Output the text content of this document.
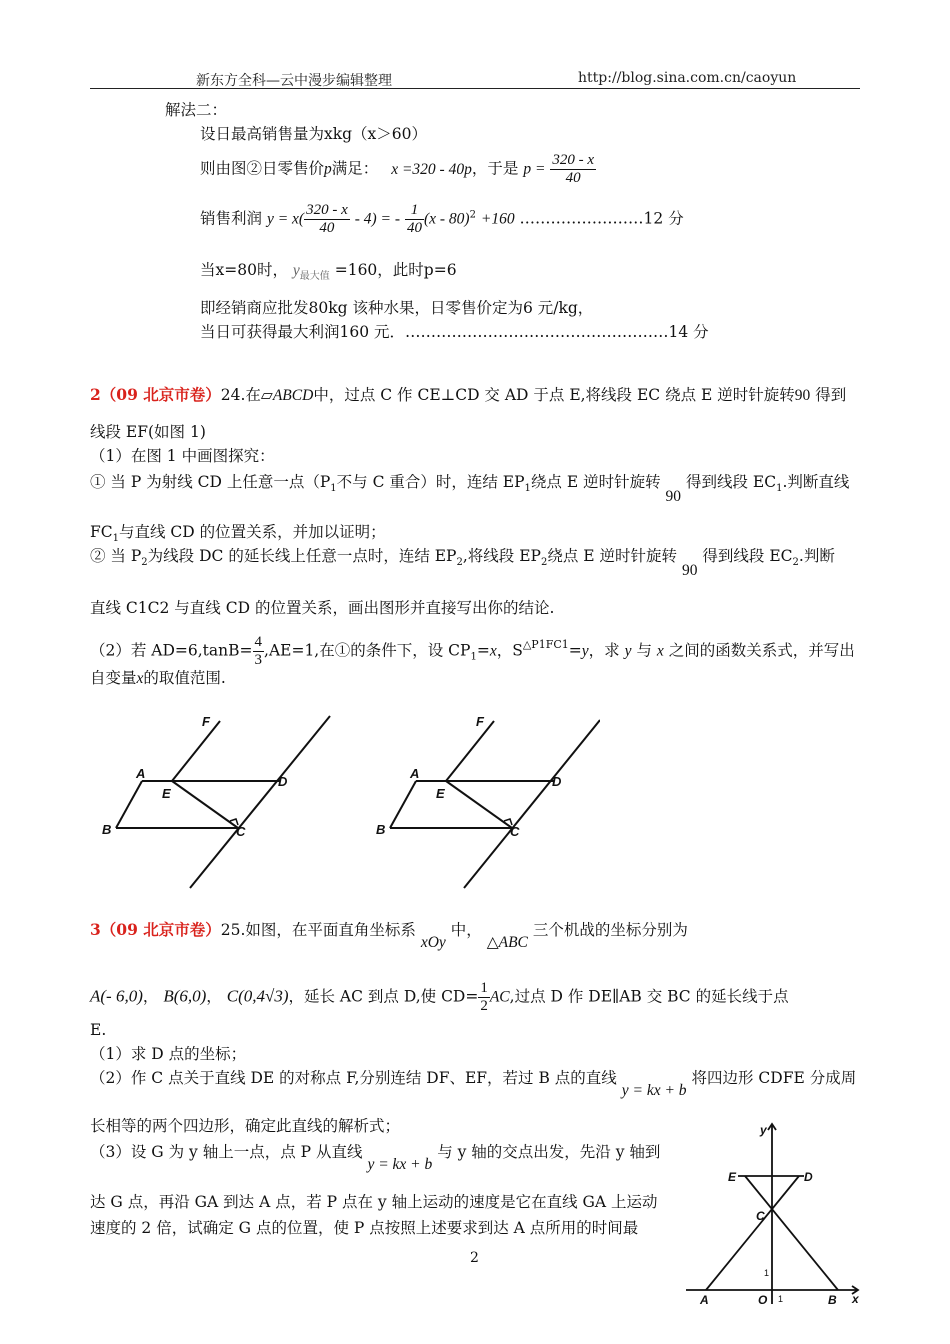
新东方全科—云中漫步编辑整理	http://blog.sina.com.cn/caoyun
解法二：
设日最高销售量为xkg（x＞60）
则由图②日零售价p满足： x =320 - 40p，于是 $p = \frac{320 - x}{40}$
销售利润 $y = x( \frac{320 - x}{40} - 4)$ = - $\frac{1}{40} (x - 80)^2 +160$ ……………………12 分
当x=80时， $y_{最大值} =160$，此时p=6
即经销商应批发80kg 该种水果，日零售价定为6 元/kg，
当日可获得最大利润160 元．……………………………………………14 分
2（09 北京市卷）24.在▱ABCD中，过点 C 作 CE⊥CD 交 AD 于点 E,将线段 EC 绕点 E 逆时针旋转90 得到
线段 EF(如图 1)
（1）在图 1 中画图探究：
① 当 P 为射线 CD 上任意一点（$P_1$不与 C 重合）时，连结 $EP_1$绕点 E 逆时针旋转 90 得到线段 $EC_1$.判断直线
$FC_1$与直线 CD 的位置关系，并加以证明；
② 当 $P_2$为线段 DC 的延长线上任意一点时，连结 $EP_2$,将线段 $EP_2$绕点 E 逆时针旋转 90 得到线段 $EC_2$.判断
直线 C1C2 与直线 CD 的位置关系，画出图形并直接写出你的结论.
（2）若 $AD=6,\tan B= \frac{4}{3} ,AE=1$,在①的条件下，设 $CP_1=x$，$S^{\triangle P1FC1}=y$，求 y 与 x 之间的函数关系式，并写出
自变量x的取值范围.
F
A
E
D
B	C
F
A
E
D
B	C
3（09 北京市卷）25.如图，在平面直角坐标系 xOy 中， △ABC 三个机战的坐标分别为
A(- 6,0)， B(6,0)， C(0,4√3)，延长 AC 到点 D,使 $CD= \frac{1}{2}$ AC,过点 D 作 DE∥AB 交 BC 的延长线于点
E.
（1）求 D 点的坐标；
（2）作 C 点关于直线 DE 的对称点 F,分别连结 DF、EF，若过 B 点的直线 y = kx + b 将四边形 CDFE 分成周
长相等的两个四边形，确定此直线的解析式；
（3）设 G 为 y 轴上一点，点 P 从直线 y = kx + b 与 y 轴的交点出发，先沿 y 轴到
达 G 点，再沿 GA 到达 A 点，若 P 点在 y 轴上运动的速度是它在直线 GA 上运动
速度的 2 倍，试确定 G 点的位置，使 P 点按照上述要求到达 A 点所用的时间最
y
x
E	D
C
A	O	B
1
1
2
